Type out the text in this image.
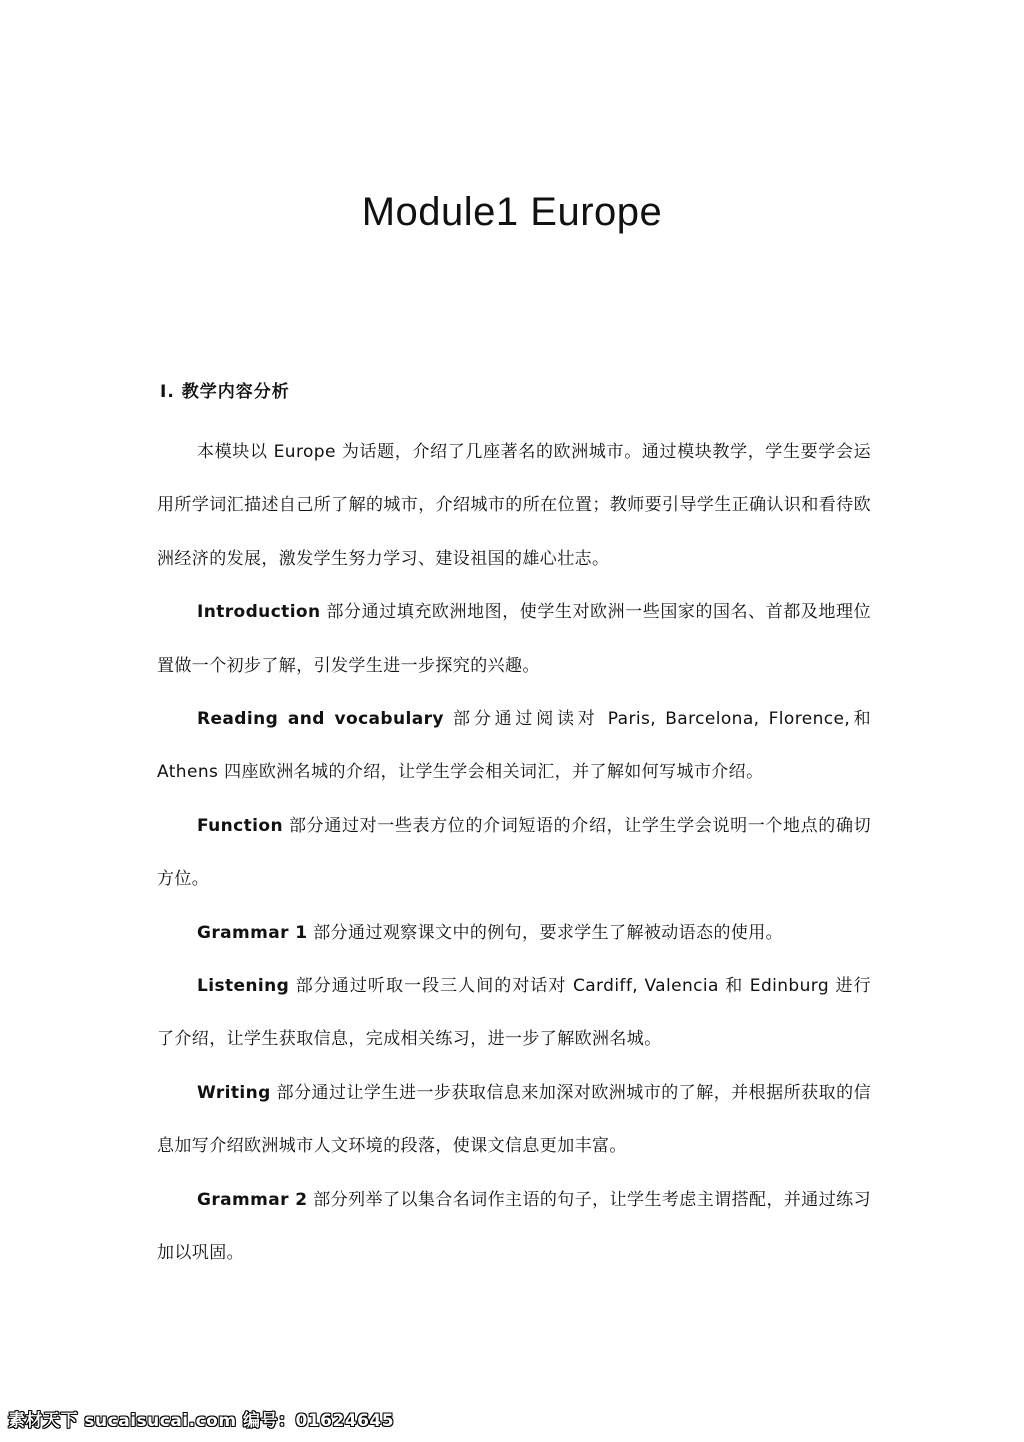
Module1 Europe
Ⅰ. 教学内容分析

本模块以 Europe 为话题，介绍了几座著名的欧洲城市。通过模块教学，学生要学会运用所学词汇描述自己所了解的城市，介绍城市的所在位置；教师要引导学生正确认识和看待欧洲经济的发展，激发学生努力学习、建设祖国的雄心壮志。

Introduction 部分通过填充欧洲地图，使学生对欧洲一些国家的国名、首都及地理位置做一个初步了解，引发学生进一步探究的兴趣。

Reading and vocabulary 部分通过阅读对 Paris, Barcelona, Florence,和 Athens 四座欧洲名城的介绍，让学生学会相关词汇，并了解如何写城市介绍。

Function 部分通过对一些表方位的介词短语的介绍，让学生学会说明一个地点的确切方位。

Grammar 1 部分通过观察课文中的例句，要求学生了解被动语态的使用。

Listening 部分通过听取一段三人间的对话对 Cardiff, Valencia 和 Edinburg 进行了介绍，让学生获取信息，完成相关练习，进一步了解欧洲名城。

Writing 部分通过让学生进一步获取信息来加深对欧洲城市的了解，并根据所获取的信息加写介绍欧洲城市人文环境的段落，使课文信息更加丰富。

Grammar 2 部分列举了以集合名词作主语的句子，让学生考虑主谓搭配，并通过练习加以巩固。

素材天下 sucaisucai.com 编号：01624645
